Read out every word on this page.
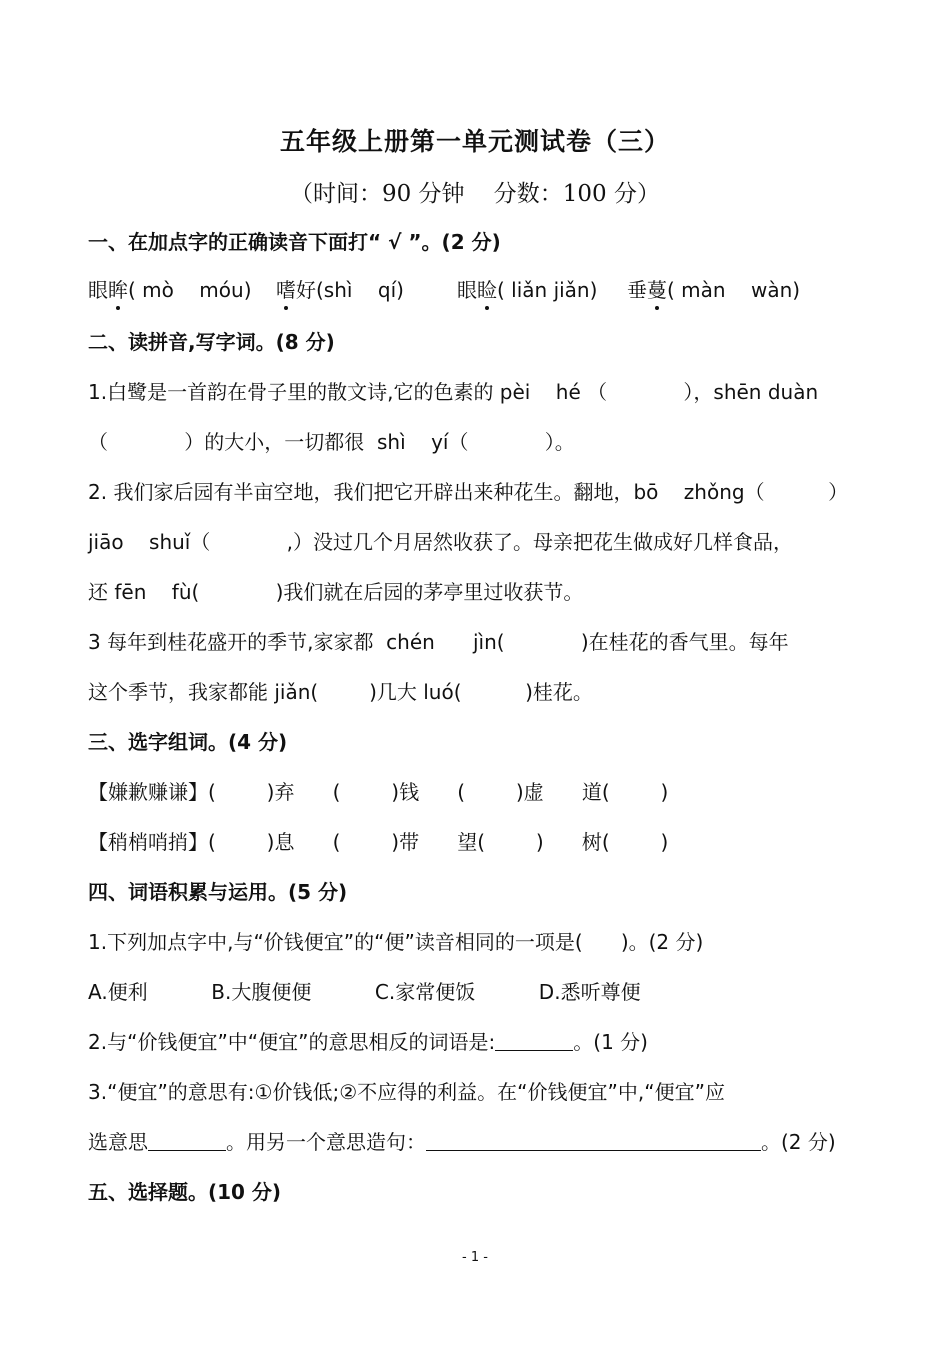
五年级上册第一单元测试卷（三）
（时间：90 分钟    分数：100 分）
一、在加点字的正确读音下面打“ √ ”。(2 分)
眼眸( mò    móu) 嗜好(shì    qí)	眼睑( liǎn jiǎn) 垂蔓( màn    wàn)
二、读拼音,写字词。(8 分)
1.白鹭是一首韵在骨子里的散文诗,它的色素的 pèi    hé （            ），shēn duàn
（            ）的大小，一切都很  shì    yí（            ）。
2. 我们家后园有半亩空地，我们把它开辟出来种花生。翻地，bō    zhǒng（          ）
jiāo    shuǐ（            ,）没过几个月居然收获了。母亲把花生做成好几样食品，
还 fēn    fù(            )我们就在后园的茅亭里过收获节。
3 每年到桂花盛开的季节,家家都  chén      jìn(            )在桂花的香气里。每年
这个季节，我家都能 jiǎn(        )几大 luó(          )桂花。
三、选字组词。(4 分)
【嫌歉赚谦】(        )弃      (        )钱      (        )虚      道(        )
【稍梢哨捎】(        )息      (        )带      望(        )      树(        )
四、词语积累与运用。(5 分)
1.下列加点字中,与“价钱便宜”的“便”读音相同的一项是(      )。(2 分)
A.便利          B.大腹便便          C.家常便饭          D.悉听尊便
2.与“价钱便宜”中“便宜”的意思相反的词语是:	。(1 分)
3.“便宜”的意思有:①价钱低;②不应得的利益。在“价钱便宜”中,“便宜”应
选意思	。用另一个意思造句：	。(2 分)
五、选择题。(10 分)
- 1 -
